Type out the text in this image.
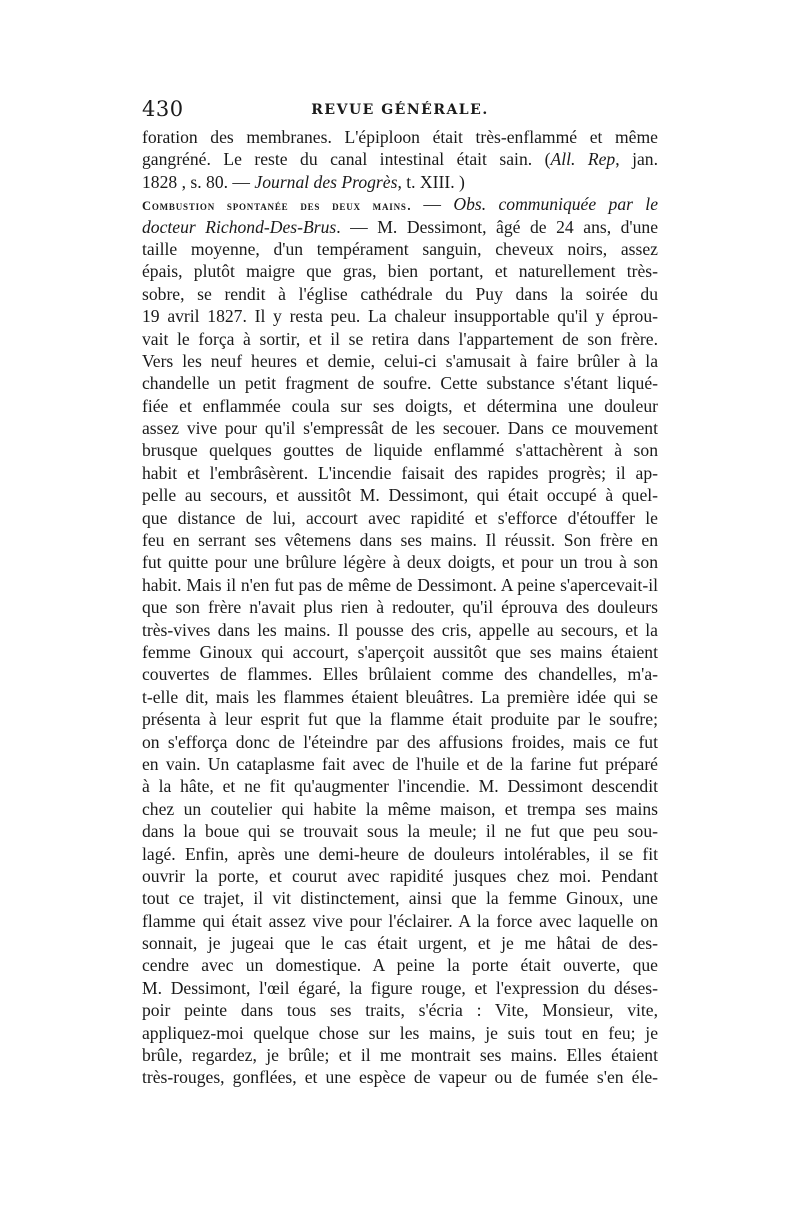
430	REVUE GÉNÉRALE.
foration des membranes. L'épiploon était très-enflammé et même
gangréné. Le reste du canal intestinal était sain. (All. Rep, jan.
1828 , s. 80. — Journal des Progrès, t. XIII. )
Combustion spontanée des deux mains. — Obs. communiquée par le
docteur Richond-Des-Brus. — M. Dessimont, âgé de 24 ans, d'une
taille moyenne, d'un tempérament sanguin, cheveux noirs, assez
épais, plutôt maigre que gras, bien portant, et naturellement très-
sobre, se rendit à l'église cathédrale du Puy dans la soirée du
19 avril 1827. Il y resta peu. La chaleur insupportable qu'il y éprou-
vait le força à sortir, et il se retira dans l'appartement de son frère.
Vers les neuf heures et demie, celui-ci s'amusait à faire brûler à la
chandelle un petit fragment de soufre. Cette substance s'étant liqué-
fiée et enflammée coula sur ses doigts, et détermina une douleur
assez vive pour qu'il s'empressât de les secouer. Dans ce mouvement
brusque quelques gouttes de liquide enflammé s'attachèrent à son
habit et l'embrâsèrent. L'incendie faisait des rapides progrès; il ap-
pelle au secours, et aussitôt M. Dessimont, qui était occupé à quel-
que distance de lui, accourt avec rapidité et s'efforce d'étouffer le
feu en serrant ses vêtemens dans ses mains. Il réussit. Son frère en
fut quitte pour une brûlure légère à deux doigts, et pour un trou à son
habit. Mais il n'en fut pas de même de Dessimont. A peine s'apercevait-il
que son frère n'avait plus rien à redouter, qu'il éprouva des douleurs
très-vives dans les mains. Il pousse des cris, appelle au secours, et la
femme Ginoux qui accourt, s'aperçoit aussitôt que ses mains étaient
couvertes de flammes. Elles brûlaient comme des chandelles, m'a-
t-elle dit, mais les flammes étaient bleuâtres. La première idée qui se
présenta à leur esprit fut que la flamme était produite par le soufre;
on s'efforça donc de l'éteindre par des affusions froides, mais ce fut
en vain. Un cataplasme fait avec de l'huile et de la farine fut préparé
à la hâte, et ne fit qu'augmenter l'incendie. M. Dessimont descendit
chez un coutelier qui habite la même maison, et trempa ses mains
dans la boue qui se trouvait sous la meule; il ne fut que peu sou-
lagé. Enfin, après une demi-heure de douleurs intolérables, il se fit
ouvrir la porte, et courut avec rapidité jusques chez moi. Pendant
tout ce trajet, il vit distinctement, ainsi que la femme Ginoux, une
flamme qui était assez vive pour l'éclairer. A la force avec laquelle on
sonnait, je jugeai que le cas était urgent, et je me hâtai de des-
cendre avec un domestique. A peine la porte était ouverte, que
M. Dessimont, l'œil égaré, la figure rouge, et l'expression du déses-
poir peinte dans tous ses traits, s'écria : Vite, Monsieur, vite,
appliquez-moi quelque chose sur les mains, je suis tout en feu; je
brûle, regardez, je brûle; et il me montrait ses mains. Elles étaient
très-rouges, gonflées, et une espèce de vapeur ou de fumée s'en éle-
